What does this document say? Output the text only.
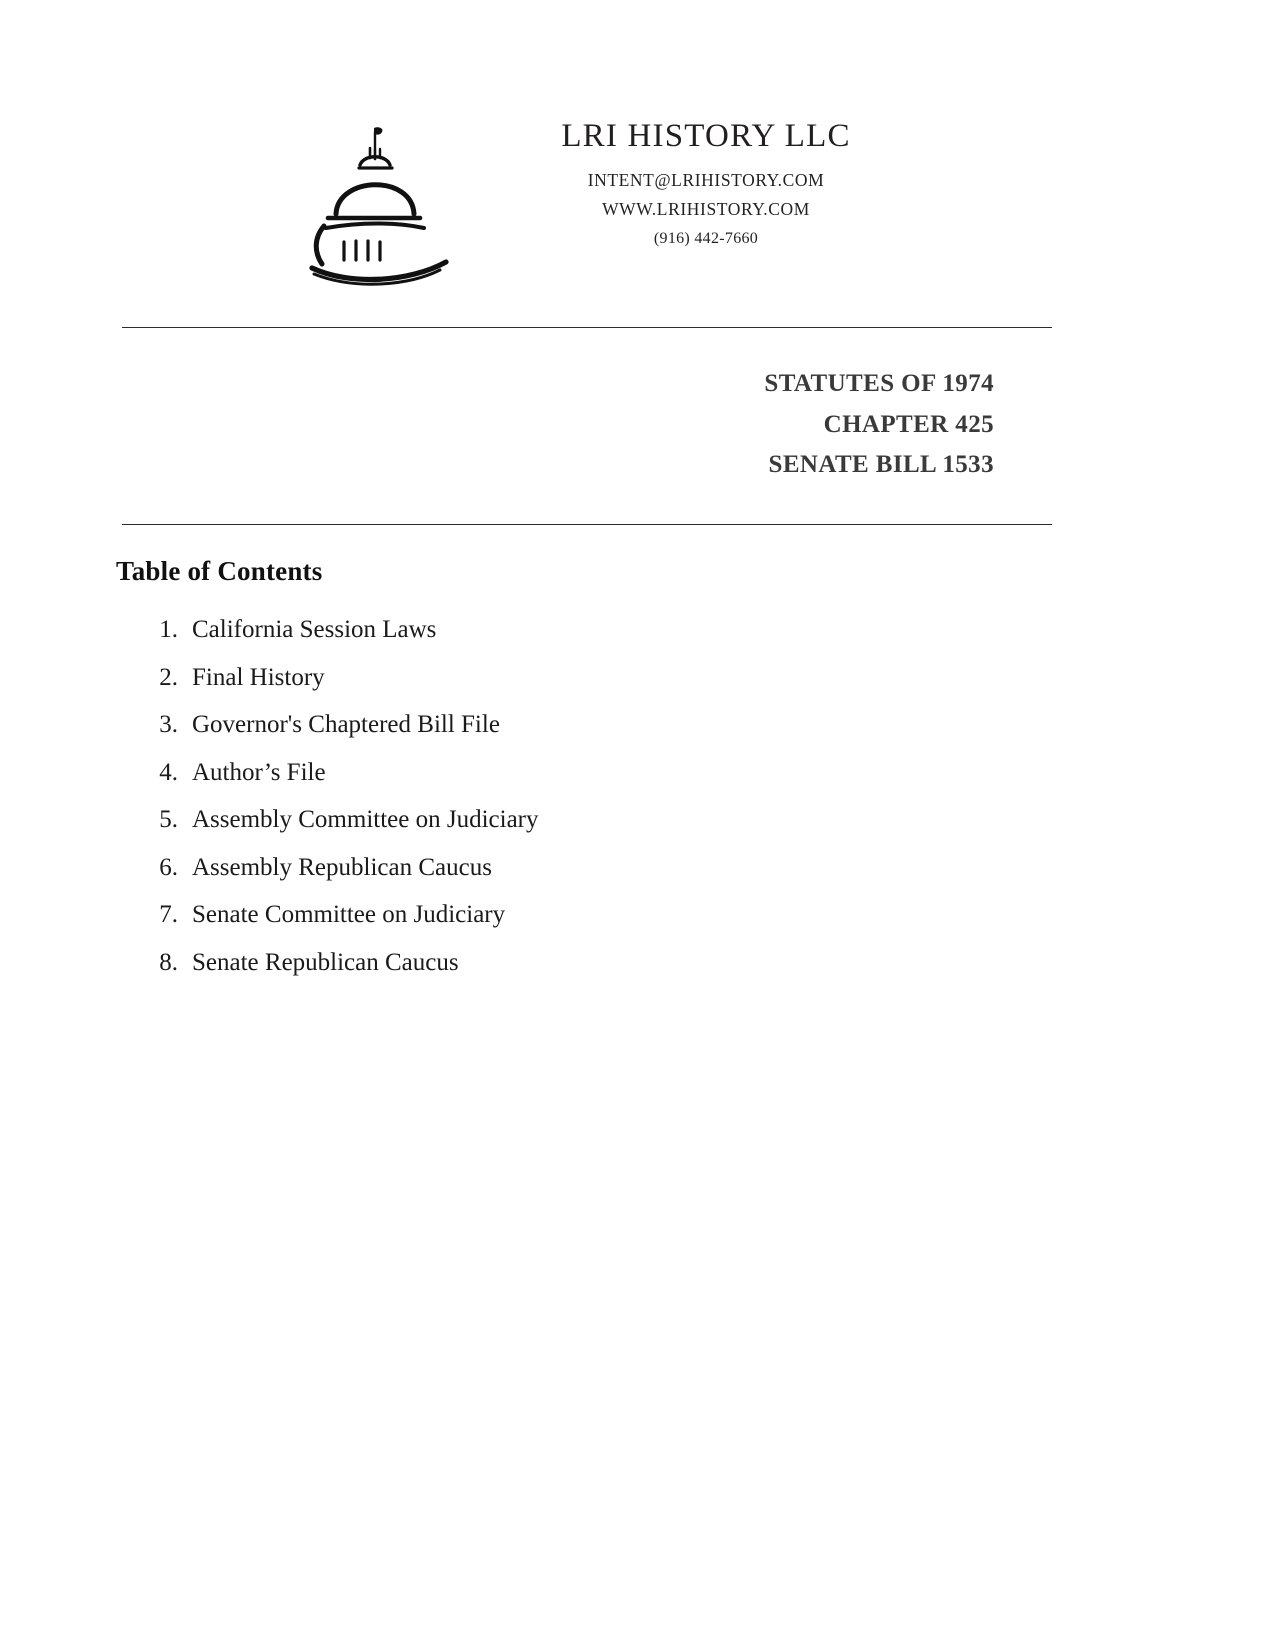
LRI HISTORY LLC
INTENT@LRIHISTORY.COM
WWW.LRIHISTORY.COM
(916) 442-7660
STATUTES OF 1974
CHAPTER 425
SENATE BILL 1533
Table of Contents
1. California Session Laws
2. Final History
3. Governor's Chaptered Bill File
4. Author’s File
5. Assembly Committee on Judiciary
6. Assembly Republican Caucus
7. Senate Committee on Judiciary
8. Senate Republican Caucus
